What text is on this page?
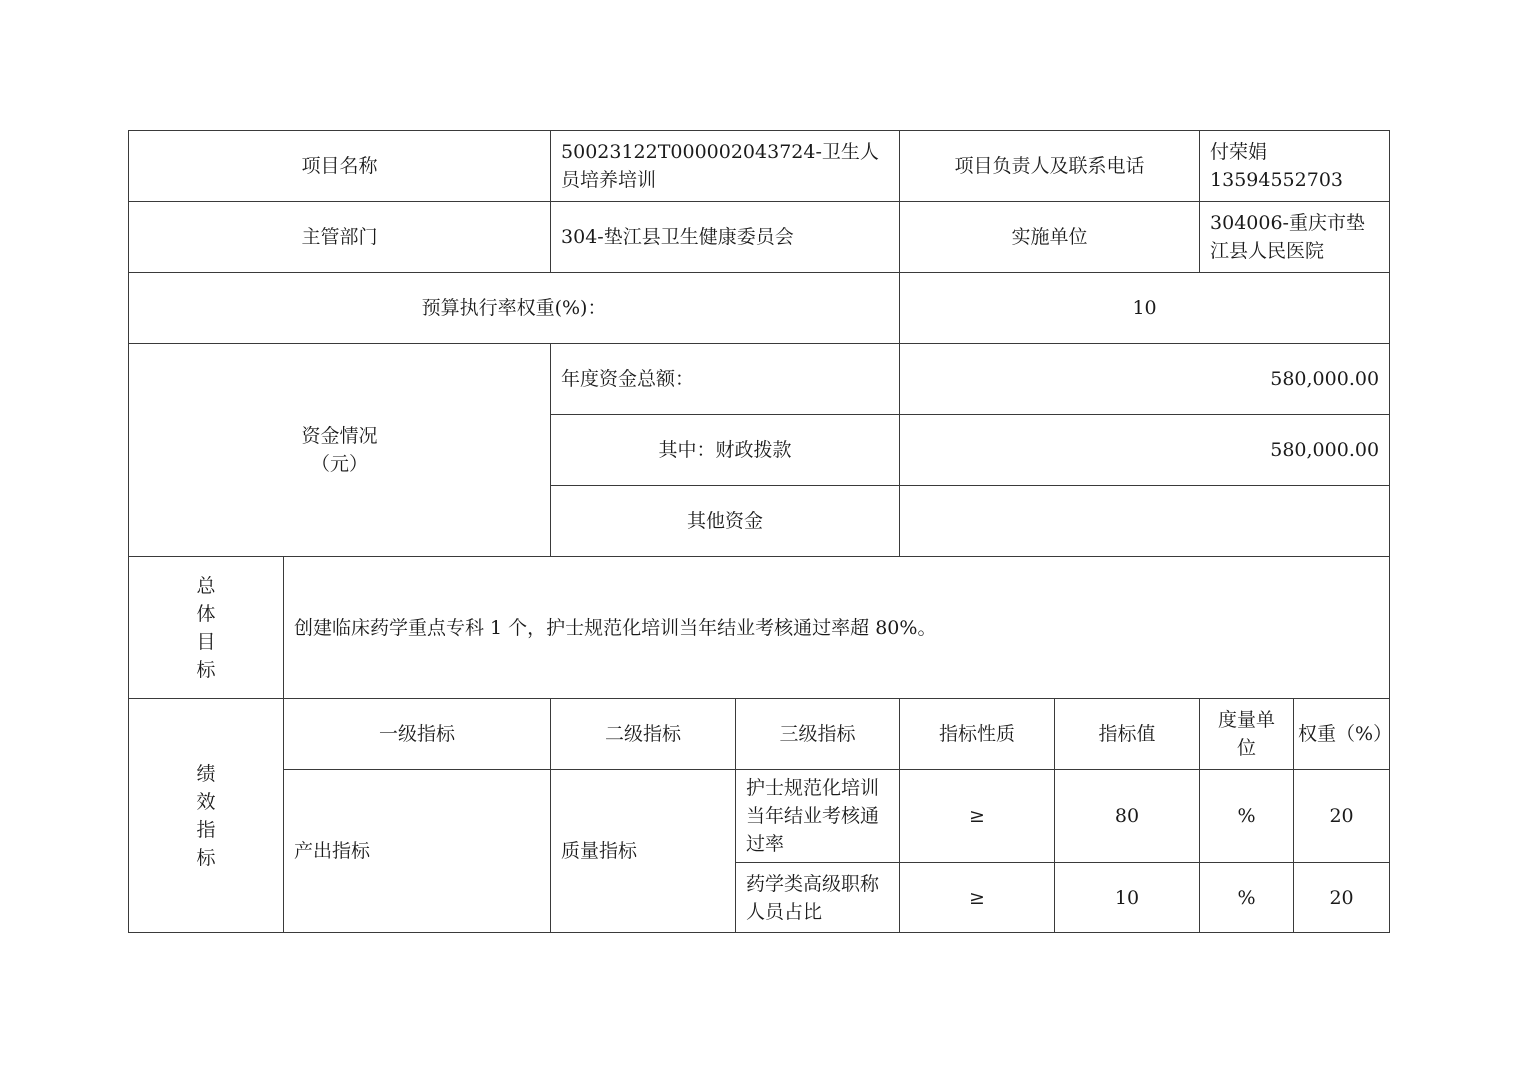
项目名称		50023122T000002043724-卫生人员培养培训		项目负责人及联系电话		付荣娟
13594552703	

主管部门		304-垫江县卫生健康委员会		实施单位		304006-重庆市垫江县人民医院	
预算执行率权重(%)：				10			

资金情况
（元）		年度资金总额：		580,000.00			
		其中：财政拨款		580,000.00			
		其他资金					

总
体
目
标	创建临床药学重点专科 1 个，护士规范化培训当年结业考核通过率超 80%。						

绩
效
指
标	一级指标	二级指标	三级指标	指标性质	指标值	度量单位	权重（%）
	产出指标	质量指标	护士规范化培训当年结业考核通过率	≥	80	%	20
			药学类高级职称人员占比	≥	10	%	20
